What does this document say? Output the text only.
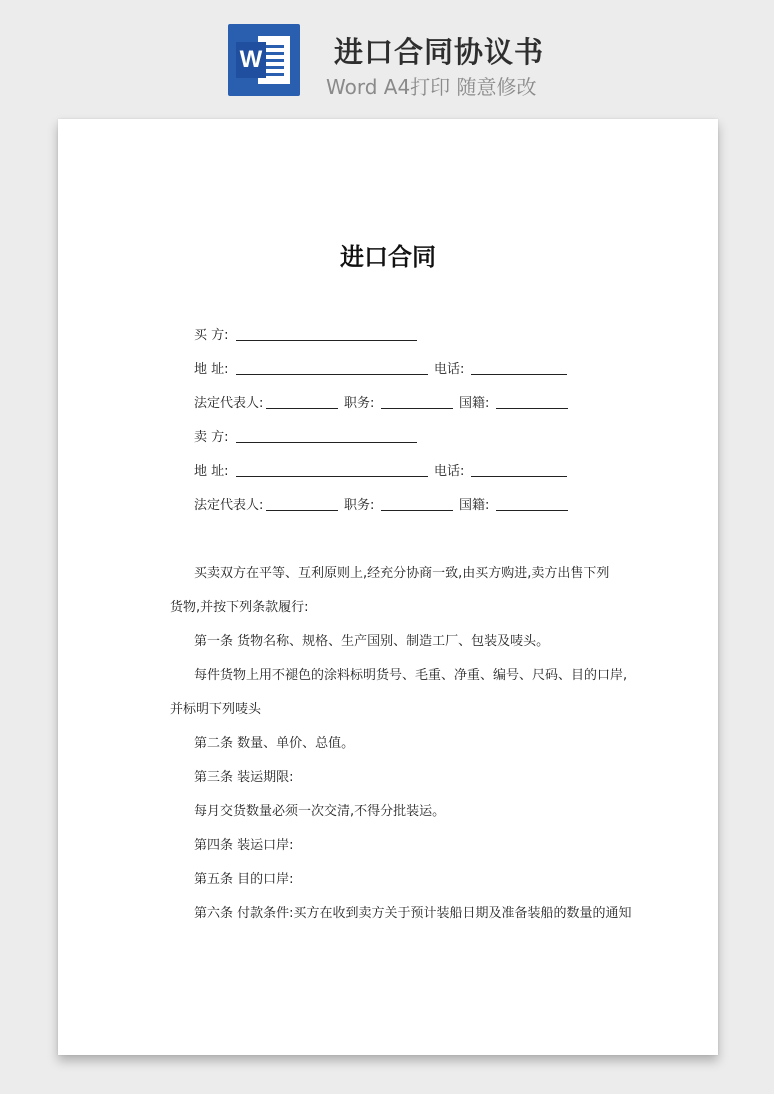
W 进口合同协议书
Word A4打印 随意修改
进口合同
买 方:
地 址:	电话:
法定代表人:	职务:	国籍:
卖 方:
地 址:	电话:
法定代表人:	职务:	国籍:
买卖双方在平等、互利原则上,经充分协商一致,由买方购进,卖方出售下列
货物,并按下列条款履行:
第一条 货物名称、规格、生产国别、制造工厂、包装及唛头。
每件货物上用不褪色的涂料标明货号、毛重、净重、编号、尺码、目的口岸,
并标明下列唛头
第二条 数量、单价、总值。
第三条 装运期限:
每月交货数量必须一次交清,不得分批装运。
第四条 装运口岸:
第五条 目的口岸:
第六条 付款条件:买方在收到卖方关于预计装船日期及准备装船的数量的通知
